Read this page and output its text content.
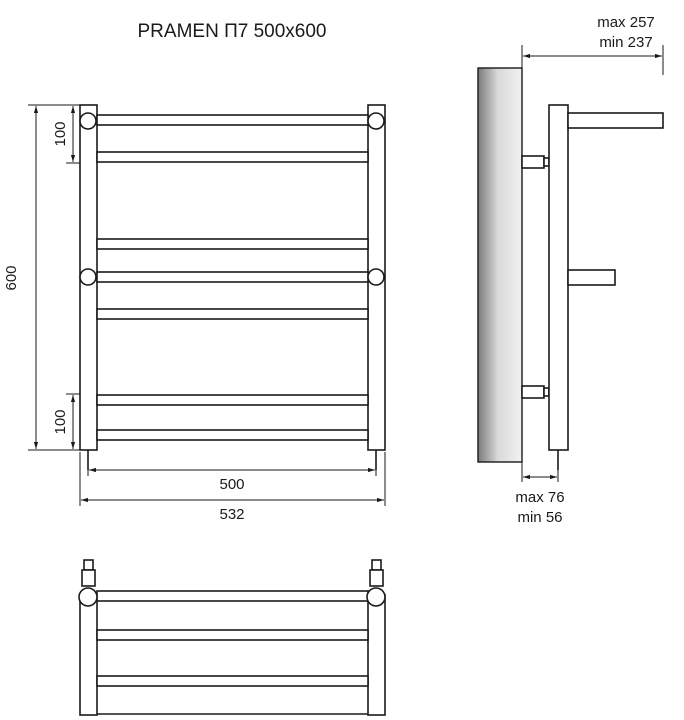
PRAMEN П7 500x600
600
100
100
500
532
max 257
min 237
max 76
min 56
